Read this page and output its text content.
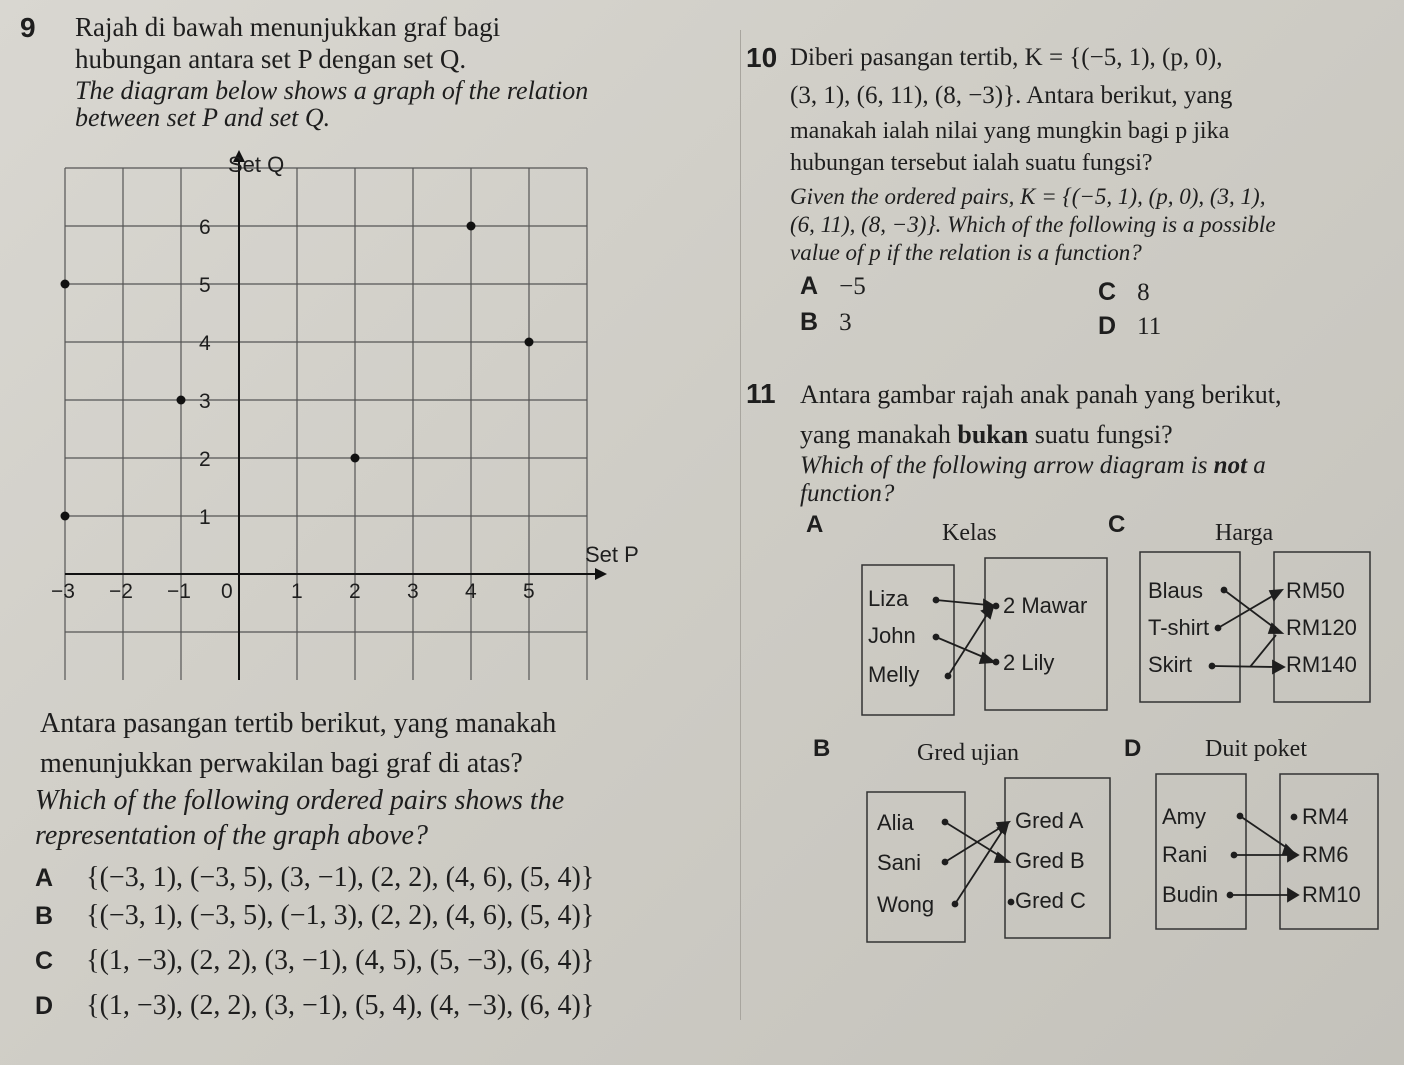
9 Rajah di bawah menunjukkan graf bagi
hubungan antara set P dengan set Q.
The diagram below shows a graph of the relation
between set P and set Q.
−3 −2 −1 0	1 2 3 4 5
6
5
4
3
2
1
Set Q
Set P
Antara pasangan tertib berikut, yang manakah
menunjukkan perwakilan bagi graf di atas?
Which of the following ordered pairs shows the
representation of the graph above?
A {(−3, 1), (−3, 5), (3, −1), (2, 2), (4, 6), (5, 4)}
B {(−3, 1), (−3, 5), (−1, 3), (2, 2), (4, 6), (5, 4)}
C {(1, −3), (2, 2), (3, −1), (4, 5), (5, −3), (6, 4)}
D {(1, −3), (2, 2), (3, −1), (5, 4), (4, −3), (6, 4)}
10 Diberi pasangan tertib, K = {(−5, 1), (p, 0),
(3, 1), (6, 11), (8, −3)}. Antara berikut, yang
manakah ialah nilai yang mungkin bagi p jika
hubungan tersebut ialah suatu fungsi?
Given the ordered pairs, K = {(−5, 1), (p, 0), (3, 1),
(6, 11), (8, −3)}. Which of the following is a possible
value of p if the relation is a function?
A −5
B 3
C 8
D 11
11 Antara gambar rajah anak panah yang berikut,
yang manakah bukan suatu fungsi?
Which of the following arrow diagram is not a
function?
A	Kelas
Liza
John
Melly
2 Mawar
2 Lily
C	Harga
Blaus
T-shirt
Skirt
RM50
RM120
RM140
B	Gred ujian
Alia
Sani
Wong
Gred A
Gred B
Gred C
D	Duit poket
Amy
Rani
Budin
RM4
RM6
RM10
